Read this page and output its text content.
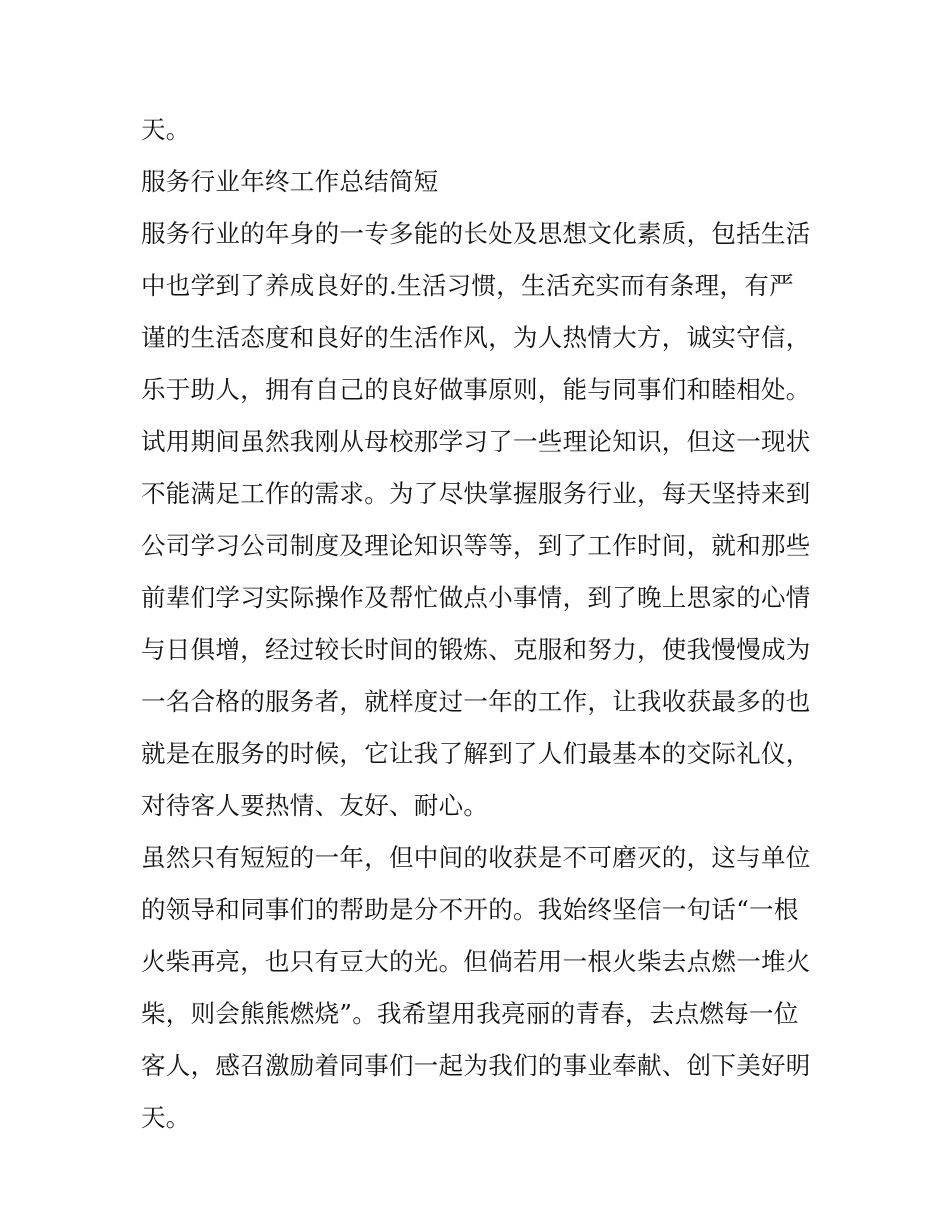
天。
服务行业年终工作总结简短
服务行业的年身的一专多能的长处及思想文化素质，包括生活
中也学到了养成良好的.生活习惯，生活充实而有条理，有严
谨的生活态度和良好的生活作风，为人热情大方，诚实守信，
乐于助人，拥有自己的良好做事原则，能与同事们和睦相处。
试用期间虽然我刚从母校那学习了一些理论知识，但这一现状
不能满足工作的需求。为了尽快掌握服务行业，每天坚持来到
公司学习公司制度及理论知识等等，到了工作时间，就和那些
前辈们学习实际操作及帮忙做点小事情，到了晚上思家的心情
与日俱增，经过较长时间的锻炼、克服和努力，使我慢慢成为
一名合格的服务者，就样度过一年的工作，让我收获最多的也
就是在服务的时候，它让我了解到了人们最基本的交际礼仪，
对待客人要热情、友好、耐心。
虽然只有短短的一年，但中间的收获是不可磨灭的，这与单位
的领导和同事们的帮助是分不开的。我始终坚信一句话“一根
火柴再亮，也只有豆大的光。但倘若用一根火柴去点燃一堆火
柴，则会熊熊燃烧”。我希望用我亮丽的青春，去点燃每一位
客人，感召激励着同事们一起为我们的事业奉献、创下美好明
天。
